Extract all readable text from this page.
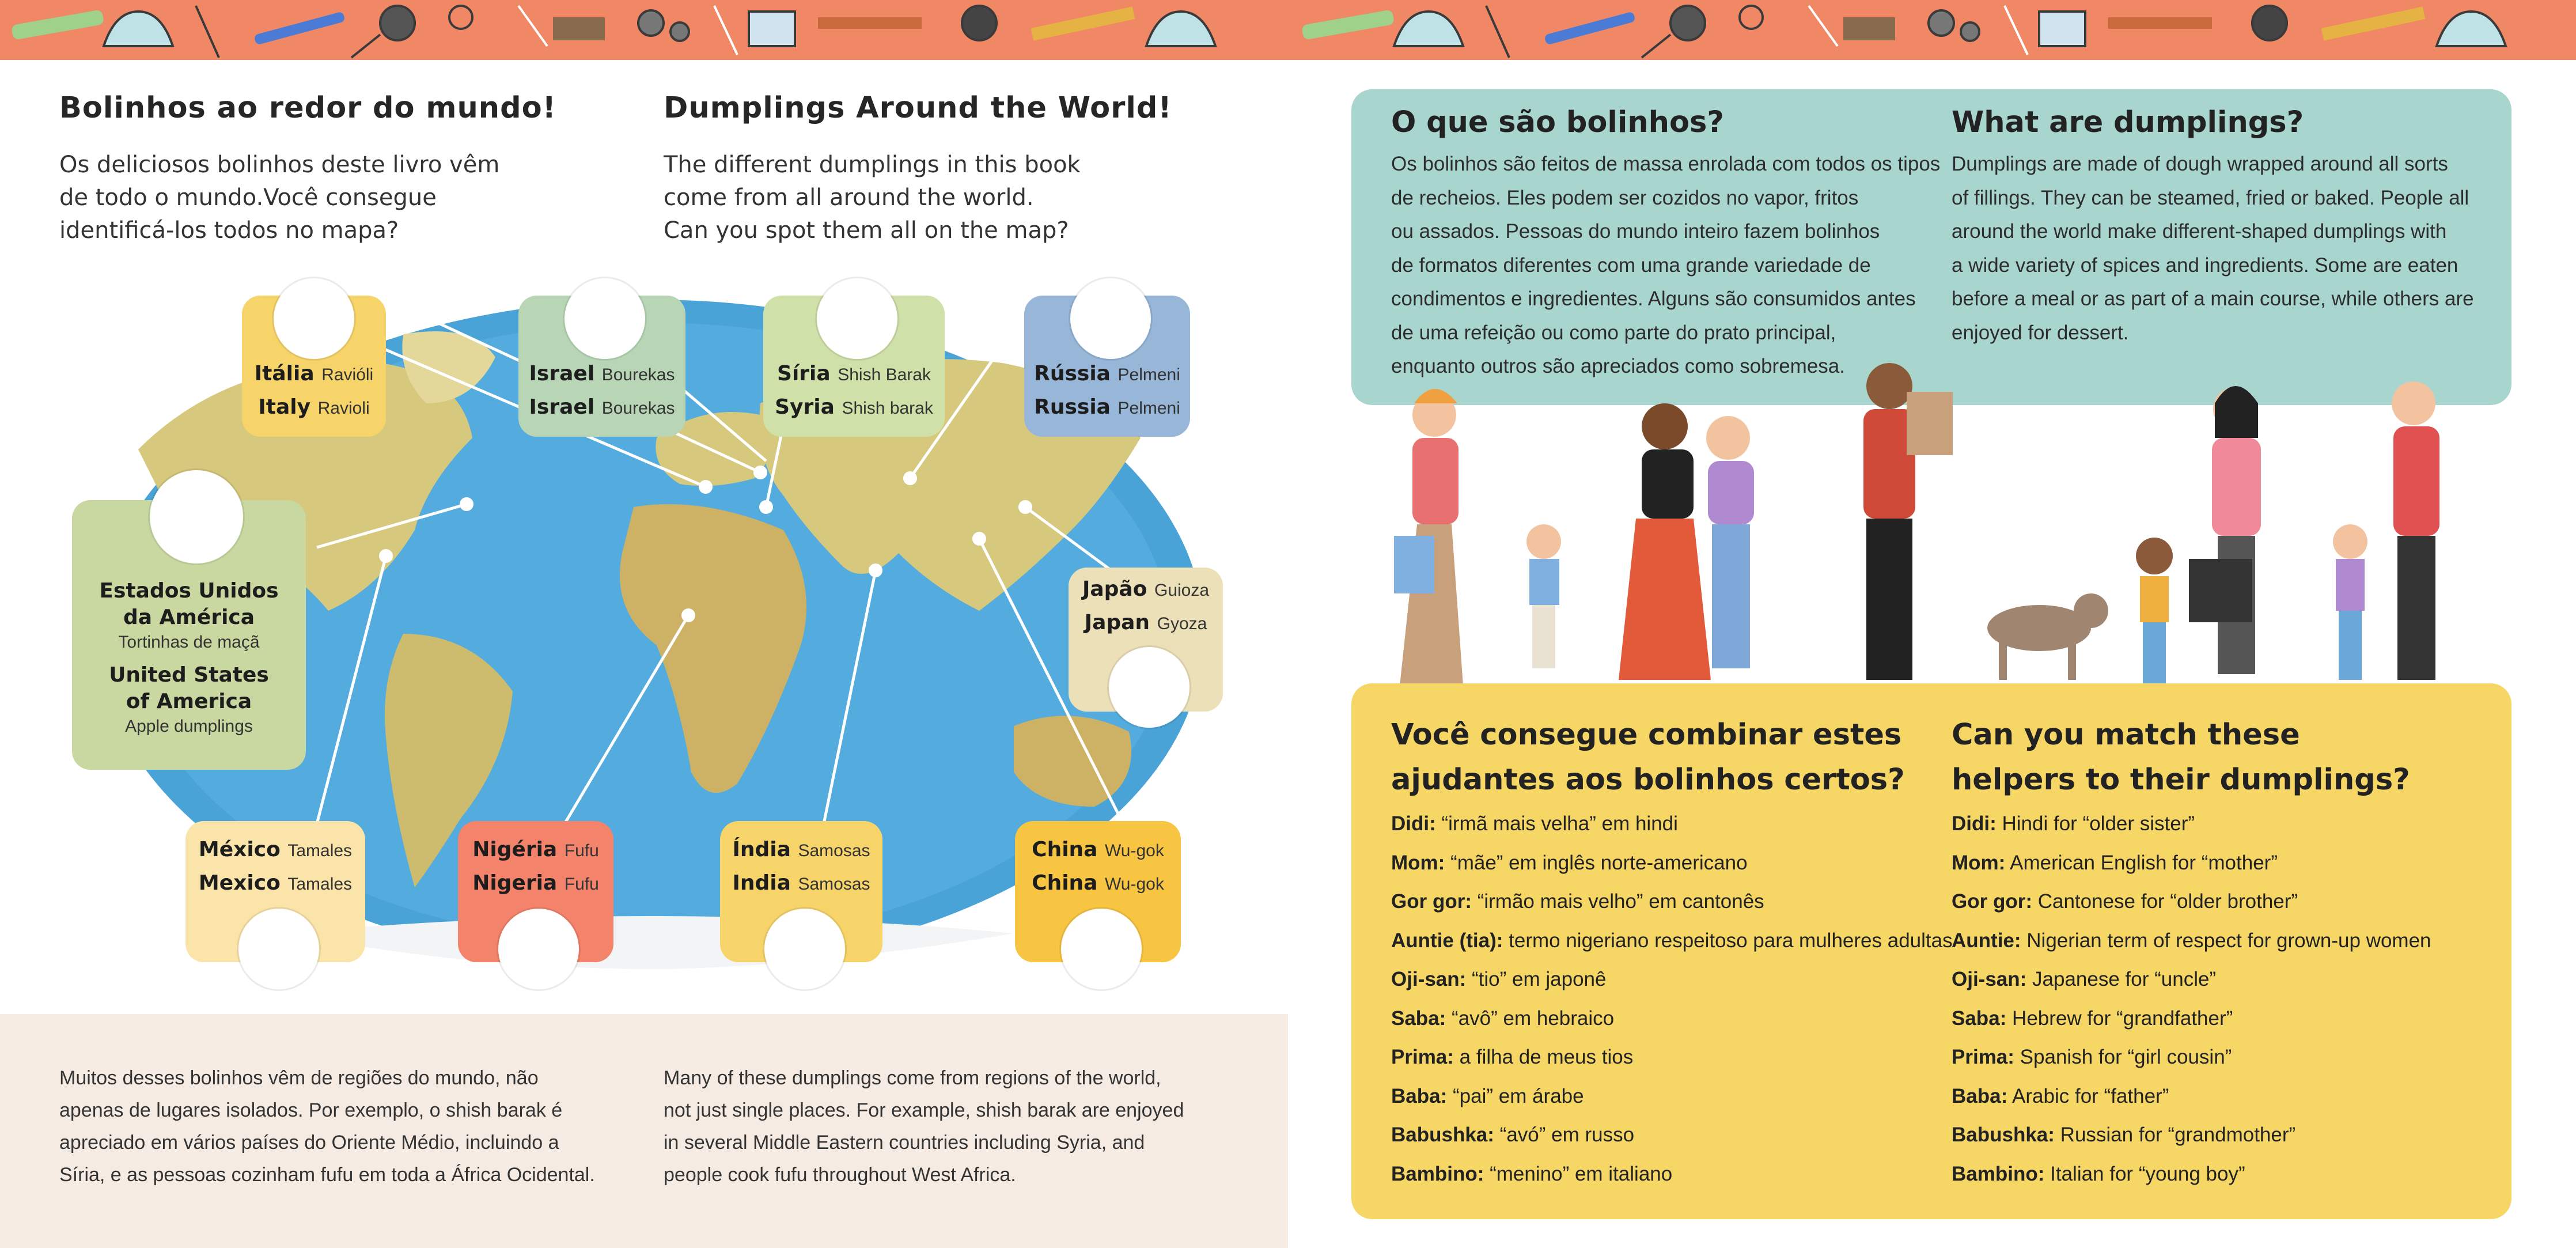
Bolinhos ao redor do mundo!	Dumplings Around the World!
Os deliciosos bolinhos deste livro vêm
de todo o mundo.Você consegue
identificá-los todos no mapa?
The different dumplings in this book
come from all around the world.
Can you spot them all on the map?
Itália Ravióli
Italy Ravioli
Israel Bourekas
Israel Bourekas
Síria Shish Barak
Syria Shish barak
Rússia Pelmeni
Russia Pelmeni
Estados Unidos
da América
Tortinhas de maçã
United States
of America
Apple dumplings
Japão Guioza
Japan Gyoza
México Tamales
Mexico Tamales
Nigéria Fufu
Nigeria Fufu
Índia Samosas
India Samosas
China Wu-gok
China Wu-gok
Muitos desses bolinhos vêm de regiões do mundo, não
apenas de lugares isolados. Por exemplo, o shish barak é
apreciado em vários países do Oriente Médio, incluindo a
Síria, e as pessoas cozinham fufu em toda a África Ocidental.
Many of these dumplings come from regions of the world,
not just single places. For example, shish barak are enjoyed
in several Middle Eastern countries including Syria, and
people cook fufu throughout West Africa.
O que são bolinhos?	What are dumplings?
Os bolinhos são feitos de massa enrolada com todos os tipos
de recheios. Eles podem ser cozidos no vapor, fritos
ou assados. Pessoas do mundo inteiro fazem bolinhos
de formatos diferentes com uma grande variedade de
condimentos e ingredientes. Alguns são consumidos antes
de uma refeição ou como parte do prato principal,
enquanto outros são apreciados como sobremesa.
Dumplings are made of dough wrapped around all sorts
of fillings. They can be steamed, fried or baked. People all
around the world make different-shaped dumplings with
a wide variety of spices and ingredients. Some are eaten
before a meal or as part of a main course, while others are
enjoyed for dessert.
Você consegue combinar estes
ajudantes aos bolinhos certos?
Can you match these
helpers to their dumplings?
Didi: “irmã mais velha” em hindi
Mom: “mãe” em inglês norte-americano
Gor gor: “irmão mais velho” em cantonês
Auntie (tia): termo nigeriano respeitoso para mulheres adultas
Oji-san: “tio” em japonê
Saba: “avô” em hebraico
Prima: a filha de meus tios
Baba: “pai” em árabe
Babushka: “avó” em russo
Bambino: “menino” em italiano
Didi: Hindi for “older sister”
Mom: American English for “mother”
Gor gor: Cantonese for “older brother”
Auntie: Nigerian term of respect for grown-up women
Oji-san: Japanese for “uncle”
Saba: Hebrew for “grandfather”
Prima: Spanish for “girl cousin”
Baba: Arabic for “father”
Babushka: Russian for “grandmother”
Bambino: Italian for “young boy”
